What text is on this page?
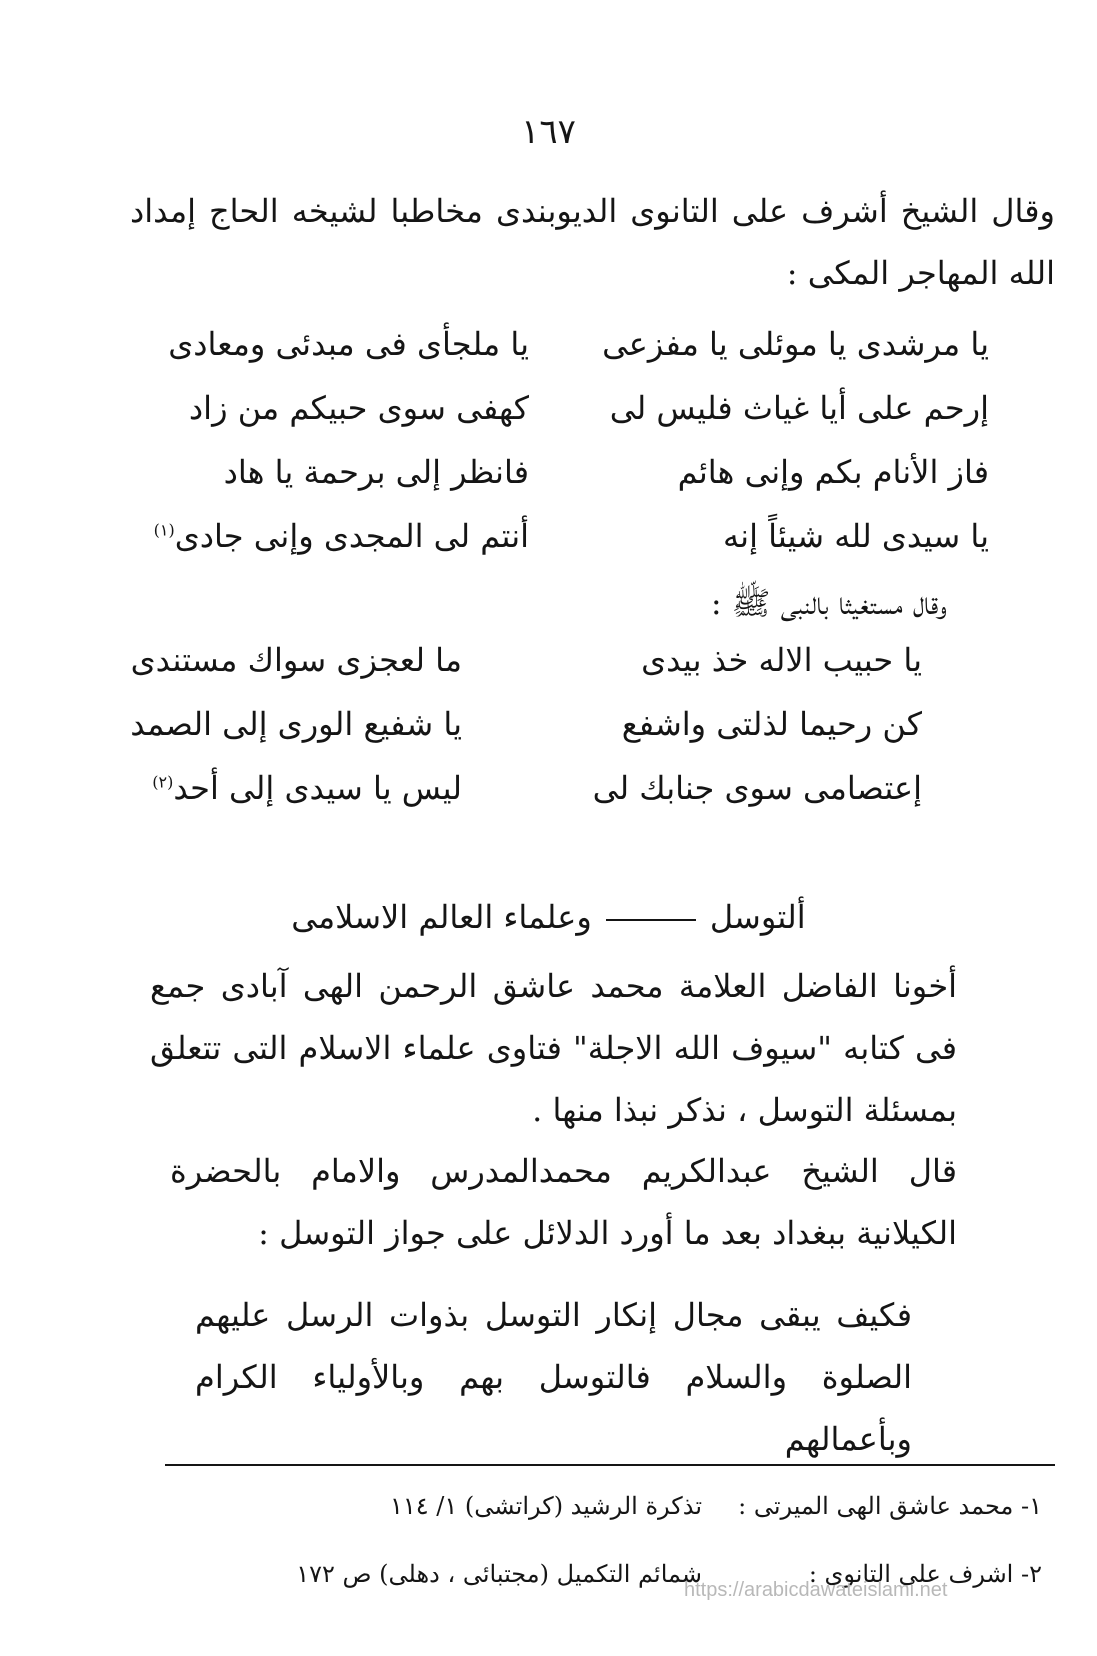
١٦٧
وقال الشيخ أشرف على التانوى الديوبندى مخاطبا لشيخه الحاج إمداد الله المهاجر المكى :
يا مرشدى يا موئلى يا مفزعى
يا ملجأى فى مبدئى ومعادى
إرحم على أيا غياث فليس لى
كهفى سوى حبيكم من زاد
فاز الأنام بكم وإنى هائم
فانظر إلى برحمة يا هاد
يا سيدى لله شيئاً إنه
أنتم لى المجدى وإنى جادى$^{(١)}$
وقال مستغيثا بالنبى ﷺ :
يا حبيب الاله خذ بيدى
ما لعجزى سواك مستندى
كن رحيما لذلتى واشفع
يا شفيع الورى إلى الصمد
إعتصامى سوى جنابك لى
ليس يا سيدى إلى أحد$^{(٢)}$
ألتوسلوعلماء العالم الاسلامى
أخونا الفاضل العلامة محمد عاشق الرحمن الهى آبادى جمع فى كتابه "سيوف الله الاجلة" فتاوى علماء الاسلام التى تتعلق بمسئلة التوسل ، نذكر نبذا منها .
قال الشيخ عبدالكريم محمدالمدرس والامام بالحضرة الكيلانية ببغداد بعد ما أورد الدلائل على جواز التوسل :
فكيف يبقى مجال إنكار التوسل بذوات الرسل عليهم الصلوة والسلام فالتوسل بهم وبالأولياء الكرام وبأعمالهم
١- محمد عاشق الهى الميرتى :
تذكرة الرشيد (كراتشى) ١/ ١١٤
٢- اشرف على التانوى :
شمائم التكميل (مجتبائى ، دهلى) ص ١٧٢
https://arabicdawateislami.net
